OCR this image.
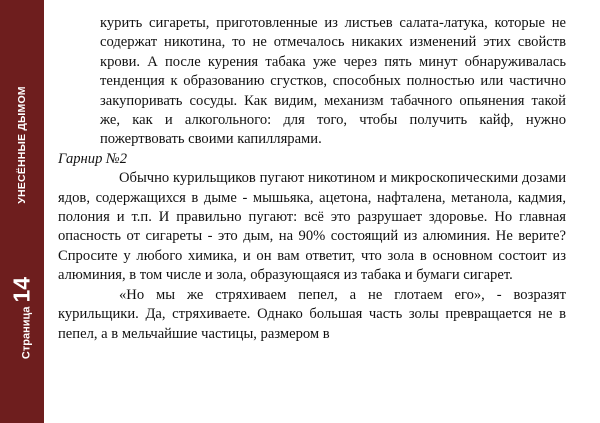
УНЕСЁННЫЕ ДЫМОМ
Страница
14

курить сигареты, приготовленные из листьев салата-латука, которые не содержат никотина, то не отмечалось никаких изменений этих свойств крови. А после курения табака уже через пять минут обнаруживалась тенденция к образованию сгустков, способных полностью или частично закупоривать сосуды. Как видим, механизм табачного опьянения такой же, как и алкогольного: для того, чтобы получить кайф, нужно пожертвовать своими капиллярами.

Гарнир №2

Обычно курильщиков пугают никотином и микроскопическими дозами ядов, содержащихся в дыме - мышьяка, ацетона, нафталена, метанола, кадмия, полония и т.п. И правильно пугают: всё это разрушает здоровье. Но главная опасность от сигареты - это дым, на 90% состоящий из алюминия. Не верите? Спросите у любого химика, и он вам ответит, что зола в основном состоит из алюминия, в том числе и зола, образующаяся из табака и бумаги сигарет.

«Но мы же стряхиваем пепел, а не глотаем его», - возразят курильщики. Да, стряхиваете. Однако большая часть золы превращается не в пепел, а в мельчайшие частицы, размером в
